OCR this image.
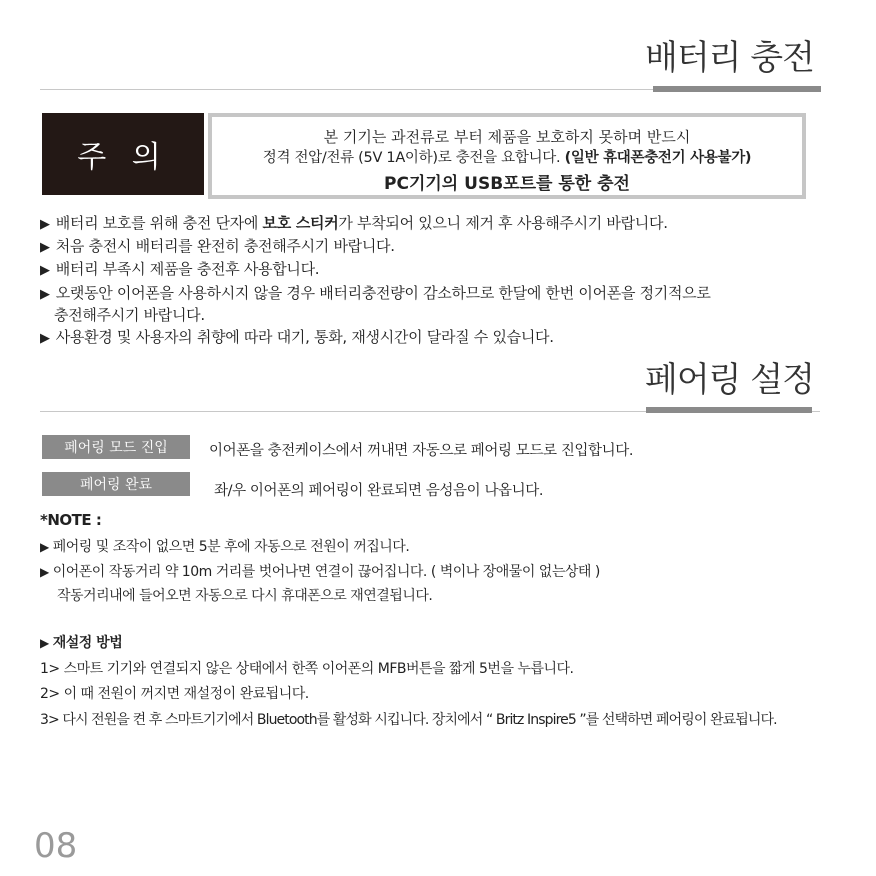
배터리 충전
주 의
본 기기는 과전류로 부터 제품을 보호하지 못하며 반드시
정격 전압/전류 (5V 1A이하)로 충전을 요합니다. (일반 휴대폰충전기 사용불가)
PC기기의 USB포트를 통한 충전
▶ 배터리 보호를 위해 충전 단자에 보호 스티커가 부착되어 있으니 제거 후 사용해주시기 바랍니다.
▶ 처음 충전시 배터리를 완전히 충전해주시기 바랍니다.
▶ 배터리 부족시 제품을 충전후 사용합니다.
▶ 오랫동안 이어폰을 사용하시지 않을 경우 배터리충전량이 감소하므로 한달에 한번 이어폰을 정기적으로
충전해주시기 바랍니다.
▶ 사용환경 및 사용자의 취향에 따라 대기, 통화, 재생시간이 달라질 수 있습니다.
페어링 설정
페어링 모드 진입	이어폰을 충전케이스에서 꺼내면 자동으로 페어링 모드로 진입합니다.
페어링 완료	좌/우 이어폰의 페어링이 완료되면 음성음이 나옵니다.
*NOTE :
▶ 페어링 및 조작이 없으면 5분 후에 자동으로 전원이 꺼집니다.
▶ 이어폰이 작동거리 약 10m 거리를 벗어나면 연결이 끊어집니다. ( 벽이나 장애물이 없는상태 )
작동거리내에 들어오면 자동으로 다시 휴대폰으로 재연결됩니다.
▶ 재설정 방법
1> 스마트 기기와 연결되지 않은 상태에서 한쪽 이어폰의 MFB버튼을 짧게 5번을 누릅니다.
2> 이 때 전원이 꺼지면 재설정이 완료됩니다.
3> 다시 전원을 켠 후 스마트기기에서 Bluetooth를 활성화 시킵니다. 장치에서 “ Britz Inspire5 ”를 선택하면 페어링이 완료됩니다.
08
